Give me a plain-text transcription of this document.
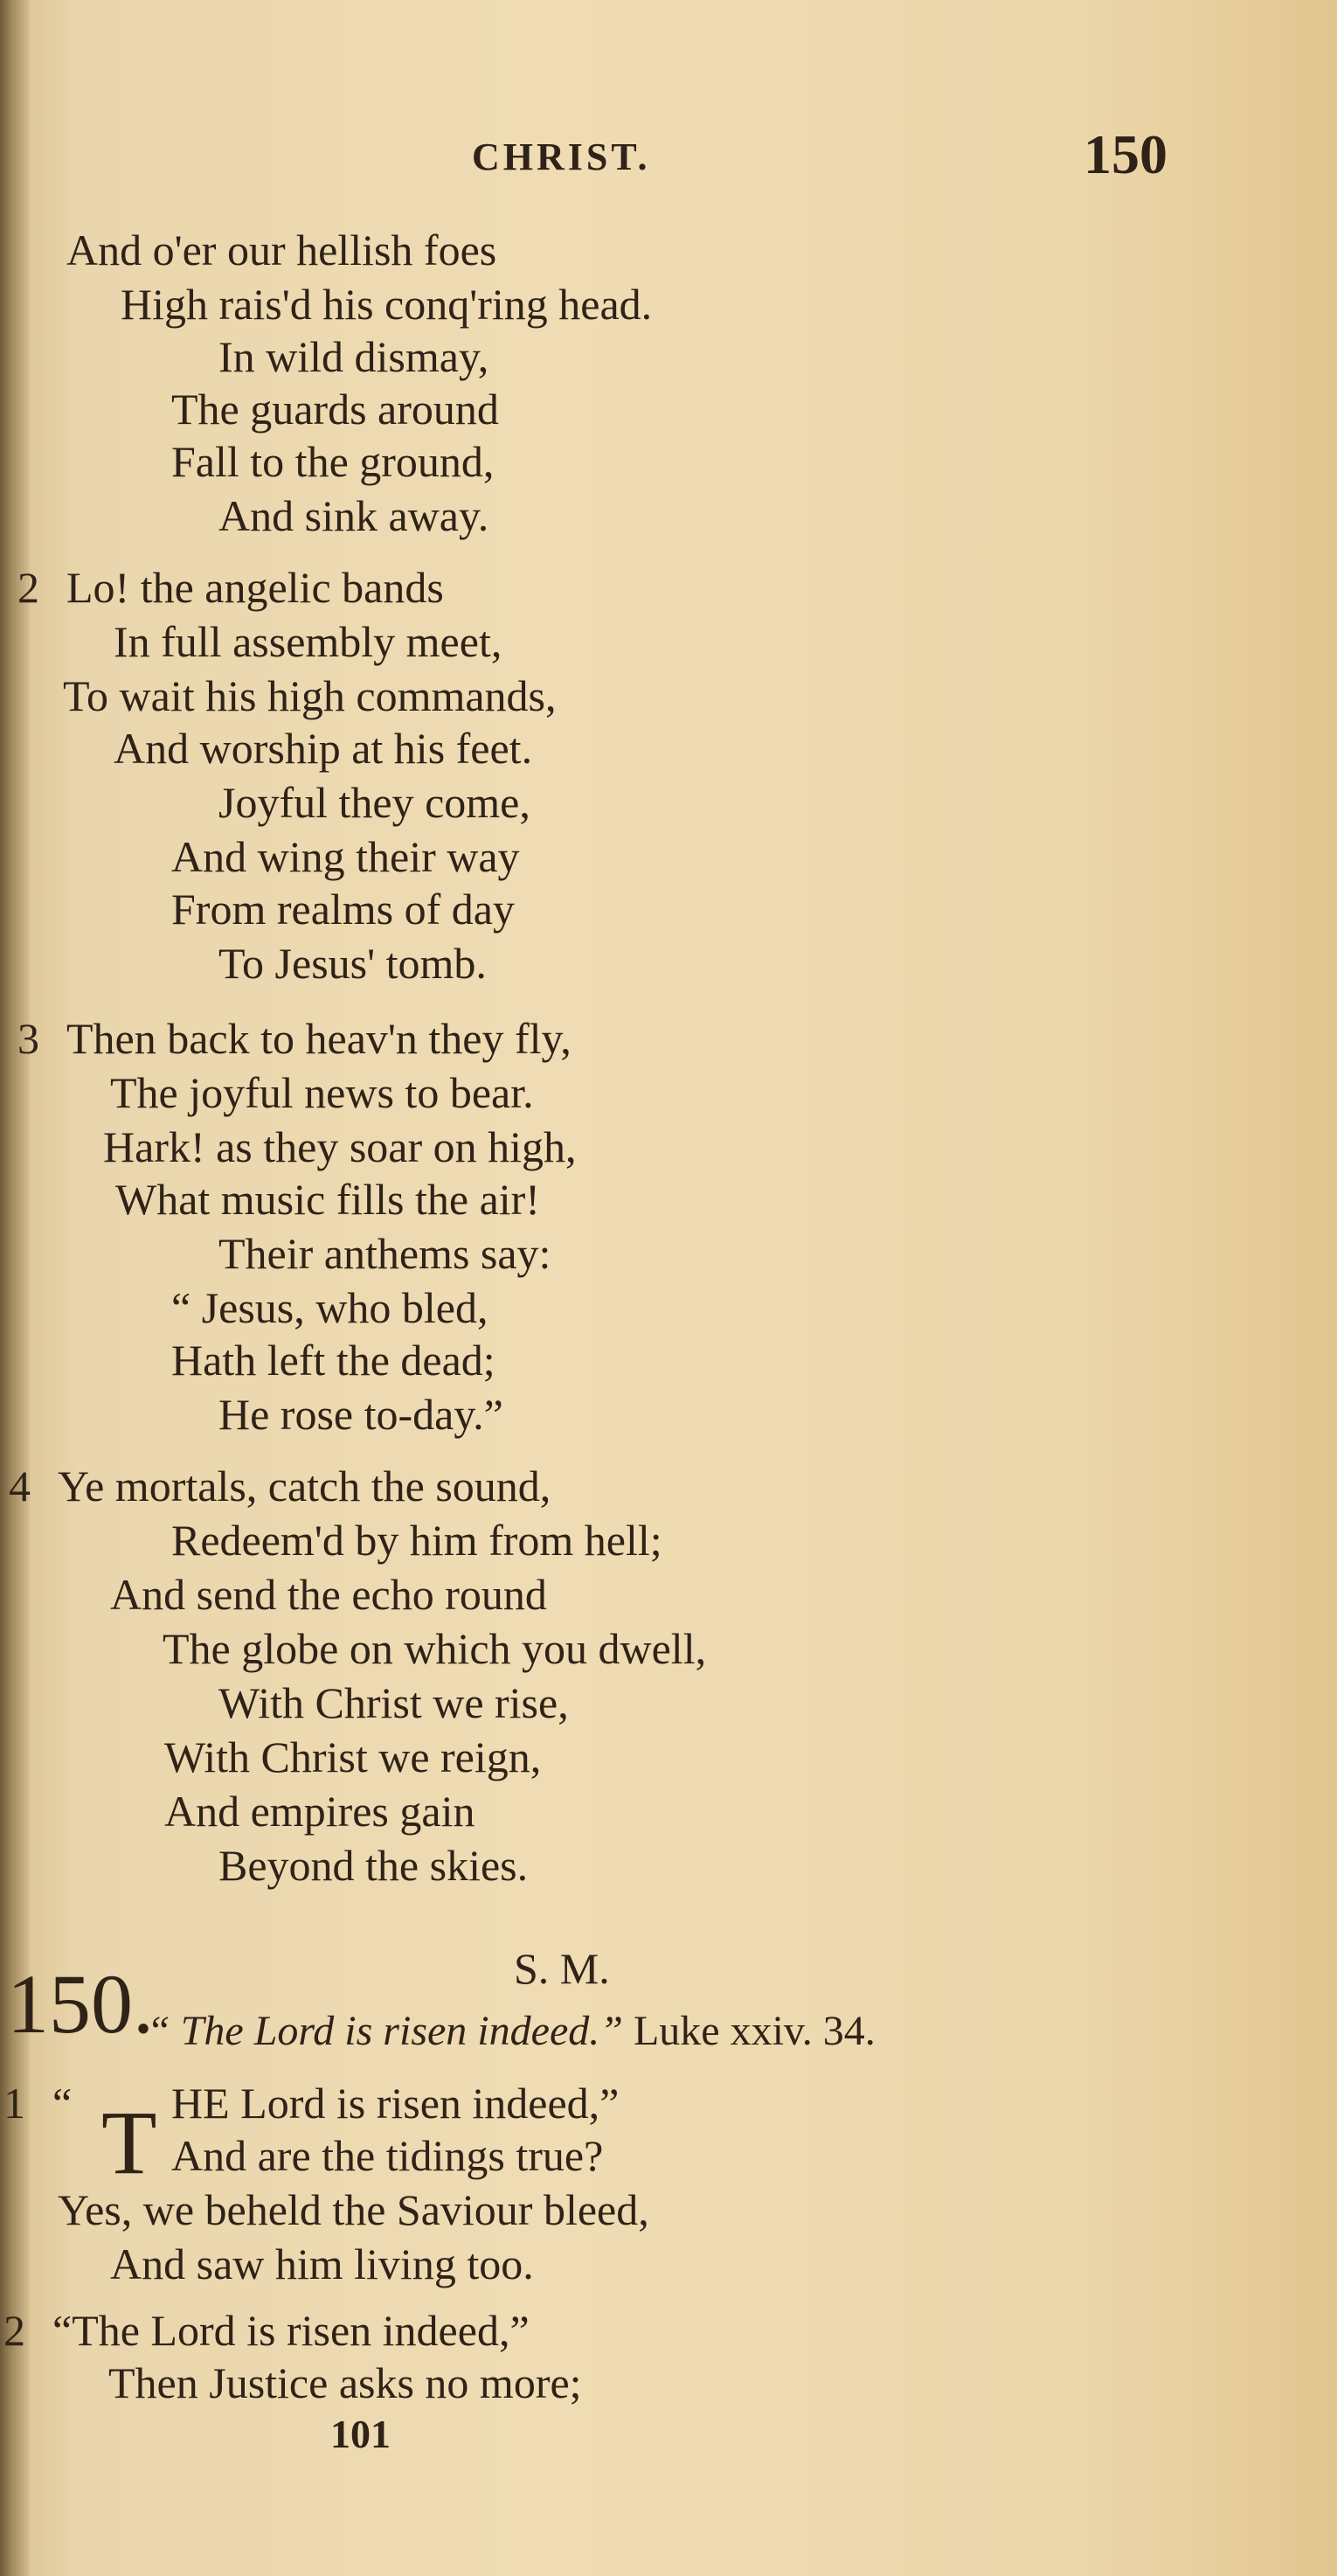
CHRIST.	150
And o'er our hellish foes
High rais'd his conq'ring head.
In wild dismay,
The guards around
Fall to the ground,
And sink away.
2 Lo! the angelic bands
In full assembly meet,
To wait his high commands,
And worship at his feet.
Joyful they come,
And wing their way
From realms of day
To Jesus' tomb.
3 Then back to heav'n they fly,
The joyful news to bear.
Hark! as they soar on high,
What music fills the air!
Their anthems say:
“ Jesus, who bled,
Hath left the dead;
He rose to-day.”
4 Ye mortals, catch the sound,
Redeem'd by him from hell;
And send the echo round
The globe on which you dwell,
With Christ we rise,
With Christ we reign,
And empires gain
Beyond the skies.
S. M.
150.
“ The Lord is risen indeed.” Luke xxiv. 34.
1 “ T HE Lord is risen indeed,”
And are the tidings true?
Yes, we beheld the Saviour bleed,
And saw him living too.
2 “The Lord is risen indeed,”
Then Justice asks no more;
101
